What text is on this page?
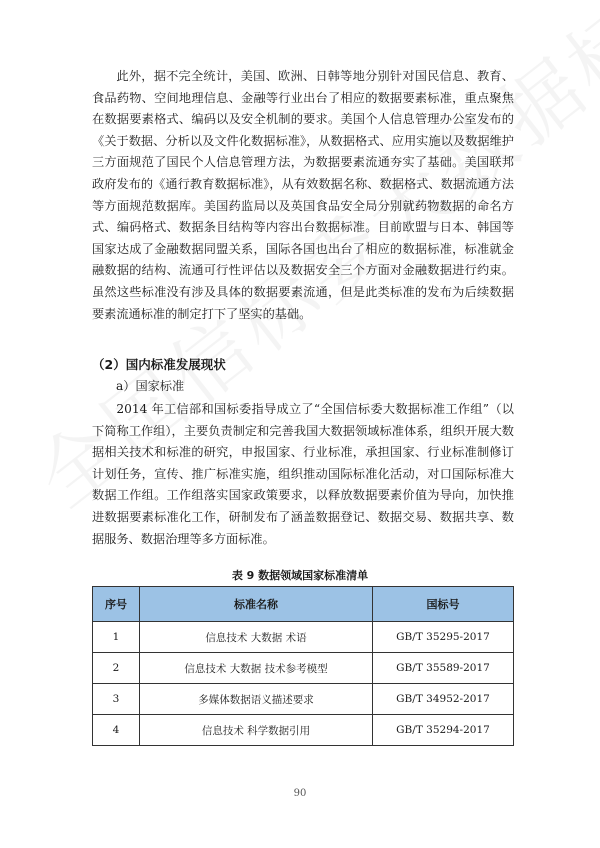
此外，据不完全统计，美国、欧洲、日韩等地分别针对国民信息、教育、食品药物、空间地理信息、金融等行业出台了相应的数据要素标准，重点聚焦在数据要素格式、编码以及安全机制的要求。美国个人信息管理办公室发布的《关于数据、分析以及文件化数据标准》，从数据格式、应用实施以及数据维护三方面规范了国民个人信息管理方法，为数据要素流通夯实了基础。美国联邦政府发布的《通行教育数据标准》，从有效数据名称、数据格式、数据流通方法等方面规范数据库。美国药监局以及英国食品安全局分别就药物数据的命名方式、编码格式、数据条目结构等内容出台数据标准。目前欧盟与日本、韩国等国家达成了金融数据同盟关系，国际各国也出台了相应的数据标准，标准就金融数据的结构、流通可行性评估以及数据安全三个方面对金融数据进行约束。虽然这些标准没有涉及具体的数据要素流通，但是此类标准的发布为后续数据要素流通标准的制定打下了坚实的基础。

（2）国内标准发展现状

a）国家标准

2014 年工信部和国标委指导成立了“全国信标委大数据标准工作组”（以下简称工作组），主要负责制定和完善我国大数据领域标准体系，组织开展大数据相关技术和标准的研究，申报国家、行业标准，承担国家、行业标准制修订计划任务，宣传、推广标准实施，组织推动国际标准化活动，对口国际标准大数据工作组。工作组落实国家政策要求，以释放数据要素价值为导向，加快推进数据要素标准化工作，研制发布了涵盖数据登记、数据交易、数据共享、数据服务、数据治理等多方面标准。

表 9 数据领域国家标准清单
序号	标准名称	国标号
1	信息技术 大数据 术语	GB/T 35295-2017
2	信息技术 大数据 技术参考模型	GB/T 35589-2017
3	多媒体数据语义描述要求	GB/T 34952-2017
4	信息技术 科学数据引用	GB/T 35294-2017
90
